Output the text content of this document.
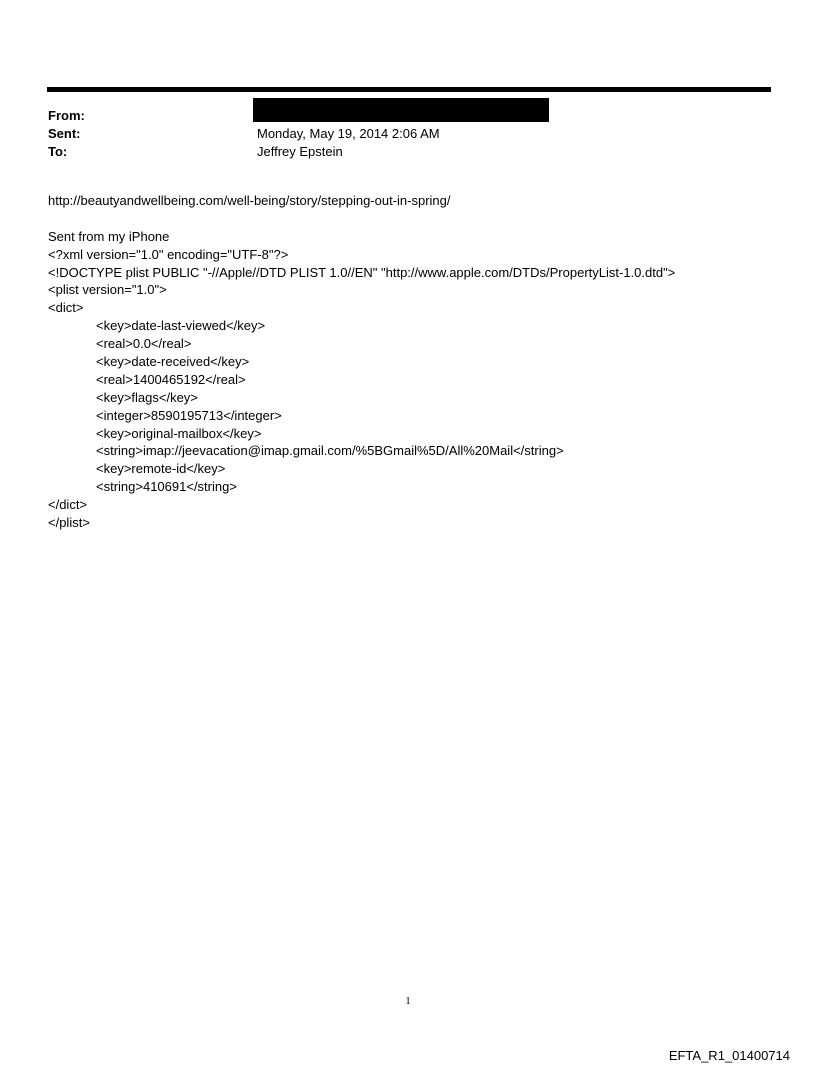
From:
Sent:	Monday, May 19, 2014 2:06 AM
To:	Jeffrey Epstein
http://beautyandwellbeing.com/well-being/story/stepping-out-in-spring/
Sent from my iPhone
<?xml version="1.0" encoding="UTF-8"?>
<!DOCTYPE plist PUBLIC "-//Apple//DTD PLIST 1.0//EN" "http://www.apple.com/DTDs/PropertyList-1.0.dtd">
<plist version="1.0">
<dict>
<key>date-last-viewed</key>
<real>0.0</real>
<key>date-received</key>
<real>1400465192</real>
<key>flags</key>
<integer>8590195713</integer>
<key>original-mailbox</key>
<string>imap://jeevacation@imap.gmail.com/%5BGmail%5D/All%20Mail</string>
<key>remote-id</key>
<string>410691</string>
</dict>
</plist>
1
EFTA_R1_01400714
